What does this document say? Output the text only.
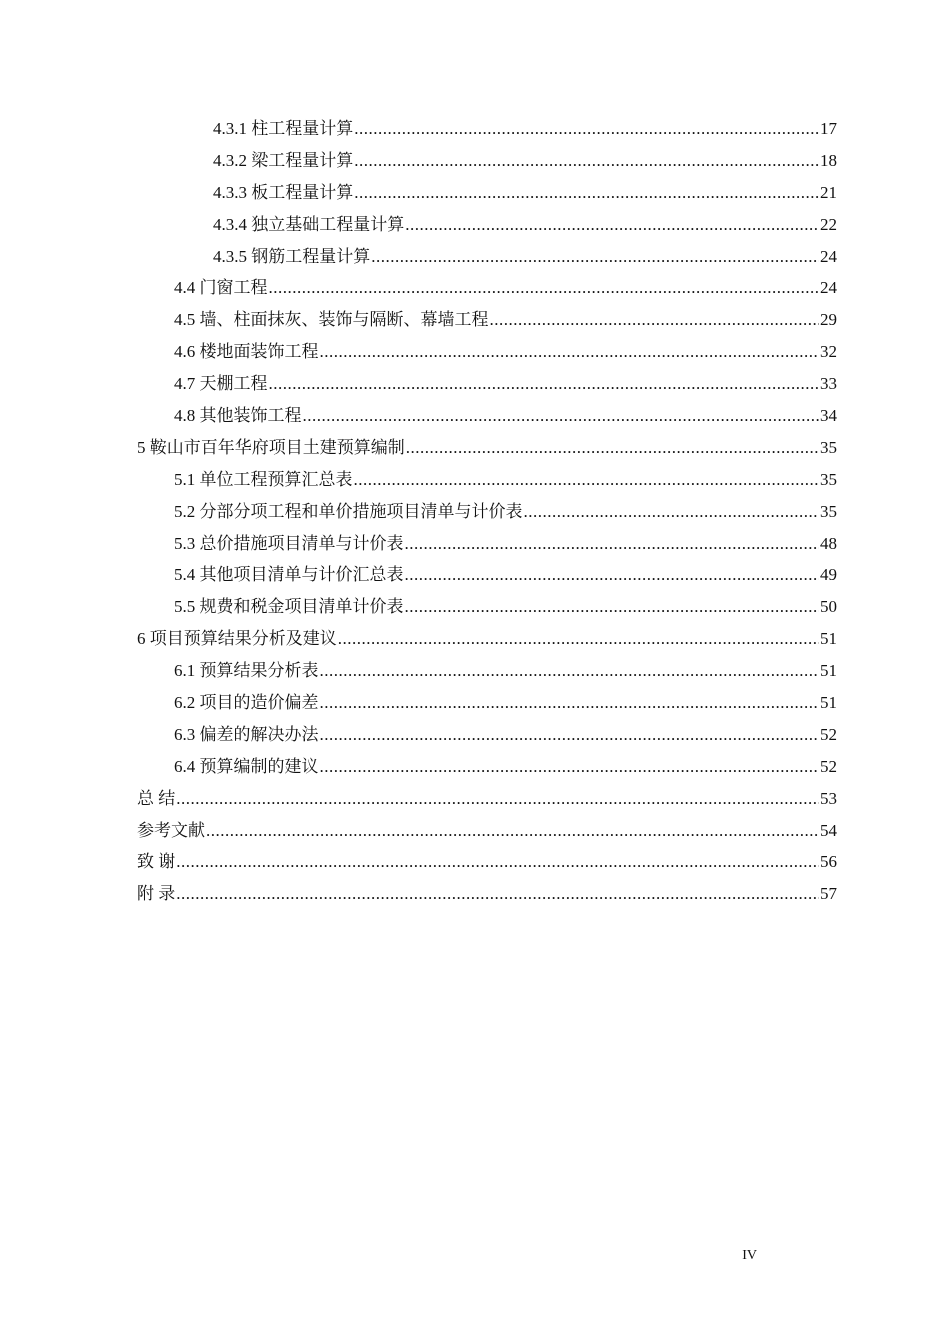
4.3.1 柱工程量计算 .....	17
4.3.2 梁工程量计算 .....	18
4.3.3 板工程量计算 .....	21
4.3.4 独立基础工程量计算 .....	22
4.3.5 钢筋工程量计算 .....	24
4.4 门窗工程 .....	24
4.5 墙、柱面抹灰、装饰与隔断、幕墙工程 .....	29
4.6 楼地面装饰工程 .....	32
4.7 天棚工程 .....	33
4.8 其他装饰工程 .....	34
5 鞍山市百年华府项目土建预算编制 .....	35
5.1 单位工程预算汇总表 .....	35
5.2 分部分项工程和单价措施项目清单与计价表 .....	35
5.3 总价措施项目清单与计价表 .....	48
5.4 其他项目清单与计价汇总表 .....	49
5.5 规费和税金项目清单计价表 .....	50
6 项目预算结果分析及建议 .....	51
6.1 预算结果分析表 .....	51
6.2 项目的造价偏差 .....	51
6.3 偏差的解决办法 .....	52
6.4 预算编制的建议 .....	52
总 结 .....	53
参考文献 .....	54
致 谢 .....	56
附 录 .....	57
IV
